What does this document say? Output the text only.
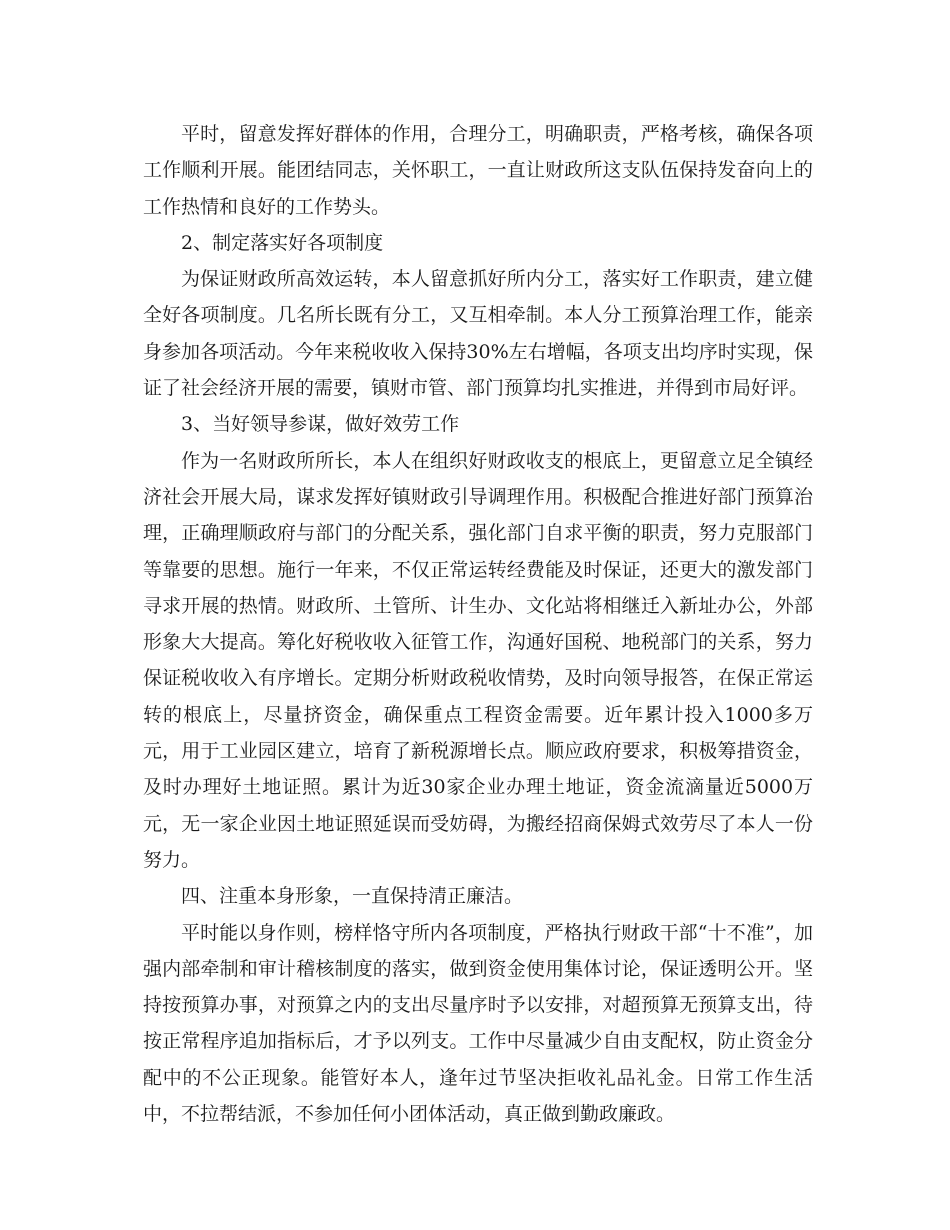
平时，留意发挥好群体的作用，合理分工，明确职责，严格考核，确保各项工作顺利开展。能团结同志，关怀职工，一直让财政所这支队伍保持发奋向上的工作热情和良好的工作势头。

2、制定落实好各项制度

为保证财政所高效运转，本人留意抓好所内分工，落实好工作职责，建立健全好各项制度。几名所长既有分工，又互相牵制。本人分工预算治理工作，能亲身参加各项活动。今年来税收收入保持30%左右增幅，各项支出均序时实现，保证了社会经济开展的需要，镇财市管、部门预算均扎实推进，并得到市局好评。

3、当好领导参谋，做好效劳工作

作为一名财政所所长，本人在组织好财政收支的根底上，更留意立足全镇经济社会开展大局，谋求发挥好镇财政引导调理作用。积极配合推进好部门预算治理，正确理顺政府与部门的分配关系，强化部门自求平衡的职责，努力克服部门等靠要的思想。施行一年来，不仅正常运转经费能及时保证，还更大的激发部门寻求开展的热情。财政所、土管所、计生办、文化站将相继迁入新址办公，外部形象大大提高。筹化好税收收入征管工作，沟通好国税、地税部门的关系，努力保证税收收入有序增长。定期分析财政税收情势，及时向领导报答，在保正常运转的根底上，尽量挤资金，确保重点工程资金需要。近年累计投入1000多万元，用于工业园区建立，培育了新税源增长点。顺应政府要求，积极筹措资金，及时办理好土地证照。累计为近30家企业办理土地证，资金流滴量近5000万元，无一家企业因土地证照延误而受妨碍，为搬经招商保姆式效劳尽了本人一份努力。

四、注重本身形象，一直保持清正廉洁。

平时能以身作则，榜样恪守所内各项制度，严格执行财政干部“十不准”，加强内部牵制和审计稽核制度的落实，做到资金使用集体讨论，保证透明公开。坚持按预算办事，对预算之内的支出尽量序时予以安排，对超预算无预算支出，待按正常程序追加指标后，才予以列支。工作中尽量减少自由支配权，防止资金分配中的不公正现象。能管好本人，逢年过节坚决拒收礼品礼金。日常工作生活中，不拉帮结派，不参加任何小团体活动，真正做到勤政廉政。
